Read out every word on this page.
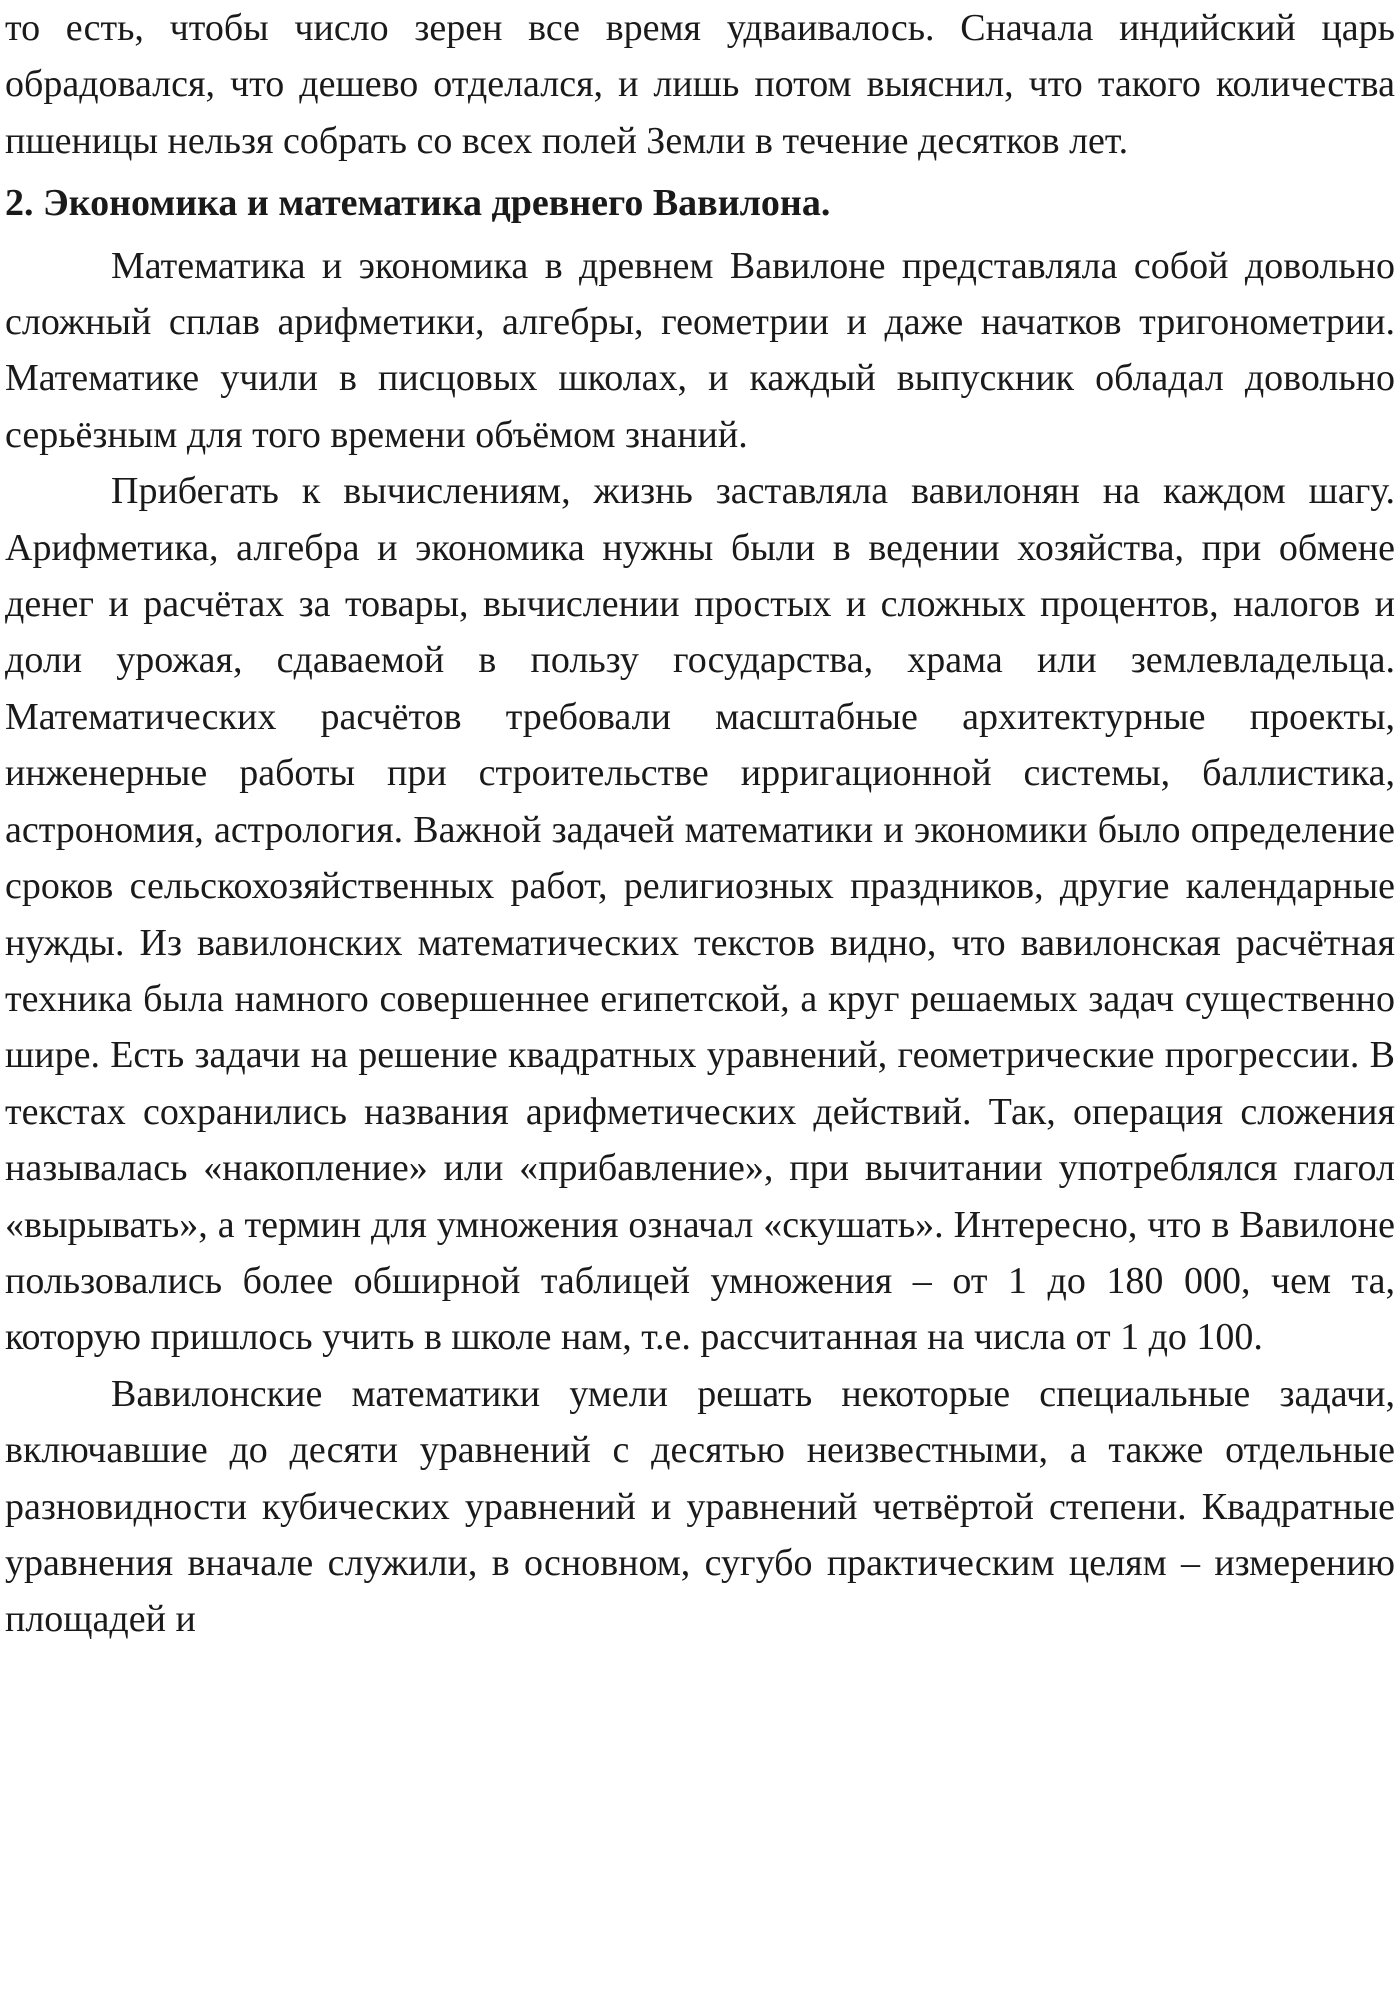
то есть, чтобы число зерен все время удваивалось. Сначала индийский царь обрадовался, что дешево отделался, и лишь потом выяснил, что такого количества пшеницы нельзя собрать со всех полей Земли в течение десятков лет.

2. Экономика и математика древнего Вавилона.

Математика и экономика в древнем Вавилоне представляла собой довольно сложный сплав арифметики, алгебры, геометрии и даже начатков тригонометрии. Математике учили в писцовых школах, и каждый выпускник обладал довольно серьёзным для того времени объёмом знаний.

Прибегать к вычислениям, жизнь заставляла вавилонян на каждом шагу. Арифметика, алгебра и экономика нужны были в ведении хозяйства, при обмене денег и расчётах за товары, вычислении простых и сложных процентов, налогов и доли урожая, сдаваемой в пользу государства, храма или землевладельца. Математических расчётов требовали масштабные архитектурные проекты, инженерные работы при строительстве ирригационной системы, баллистика, астрономия, астрология. Важной задачей математики и экономики было определение сроков сельскохозяйственных работ, религиозных праздников, другие календарные нужды. Из вавилонских математических текстов видно, что вавилонская расчётная техника была намного совершеннее египетской, а круг решаемых задач существенно шире. Есть задачи на решение квадратных уравнений, геометрические прогрессии. В текстах сохранились названия арифметических действий. Так, операция сложения называлась «накопление» или «прибавление», при вычитании употреблялся глагол «вырывать», а термин для умножения означал «скушать». Интересно, что в Вавилоне пользовались более обширной таблицей умножения – от 1 до 180 000, чем та, которую пришлось учить в школе нам, т.е. рассчитанная на числа от 1 до 100.

Вавилонские математики умели решать некоторые специальные задачи, включавшие до десяти уравнений с десятью неизвестными, а также отдельные разновидности кубических уравнений и уравнений четвёртой степени. Квадратные уравнения вначале служили, в основном, сугубо практическим целям – измерению площадей и
